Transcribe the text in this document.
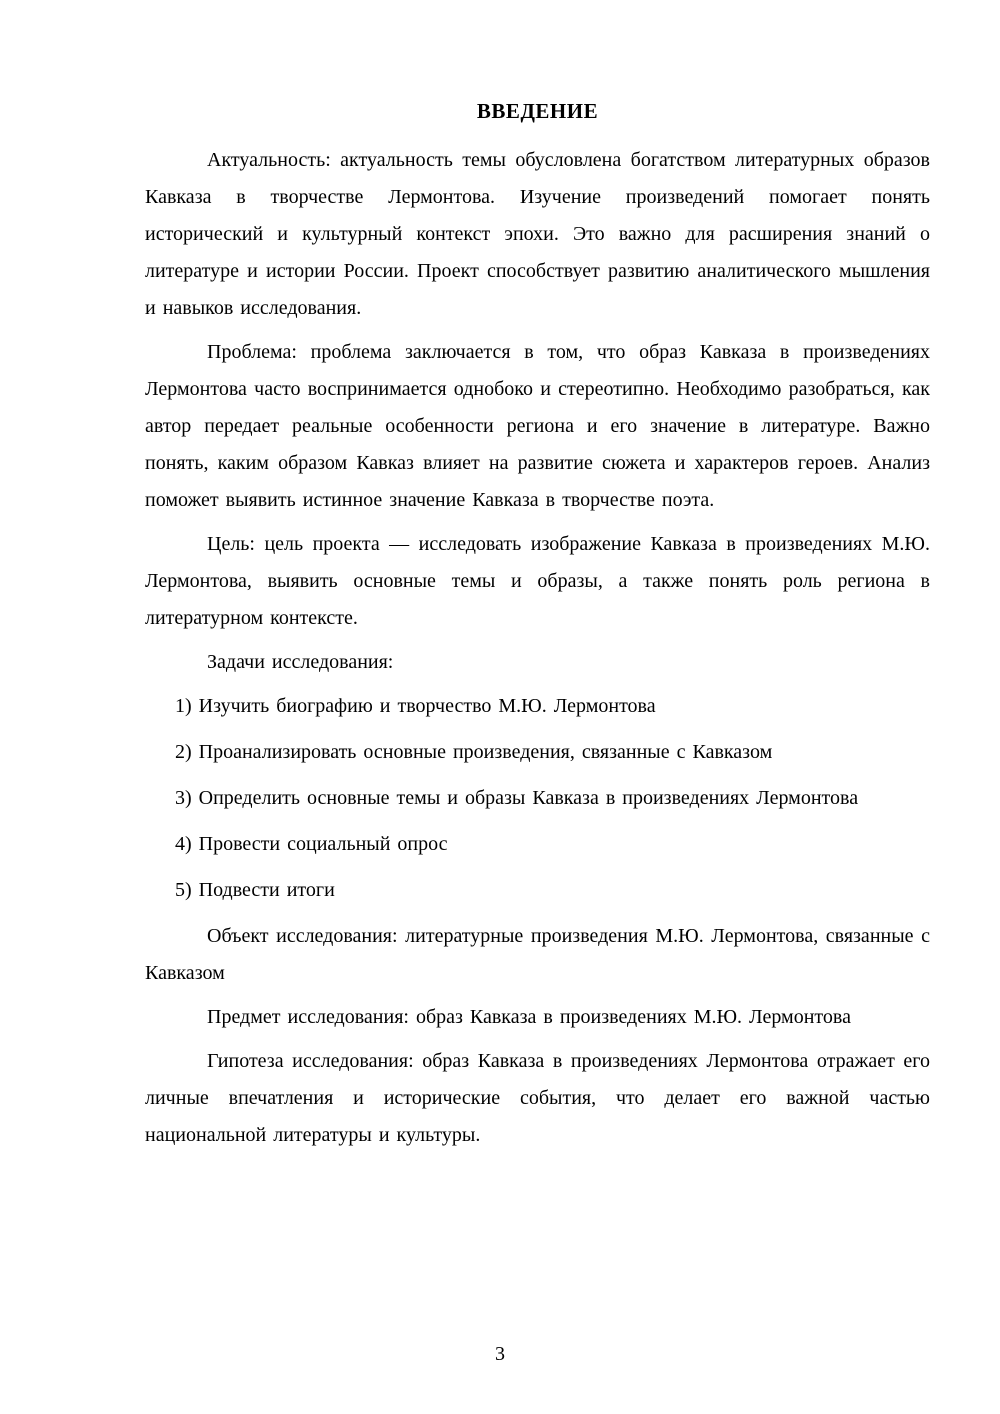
ВВЕДЕНИЕ

Актуальность: актуальность темы обусловлена богатством литературных образов Кавказа в творчестве Лермонтова. Изучение произведений помогает понять исторический и культурный контекст эпохи. Это важно для расширения знаний о литературе и истории России. Проект способствует развитию аналитического мышления и навыков исследования.

Проблема: проблема заключается в том, что образ Кавказа в произведениях Лермонтова часто воспринимается однобоко и стереотипно. Необходимо разобраться, как автор передает реальные особенности региона и его значение в литературе. Важно понять, каким образом Кавказ влияет на развитие сюжета и характеров героев. Анализ поможет выявить истинное значение Кавказа в творчестве поэта.

Цель: цель проекта — исследовать изображение Кавказа в произведениях М.Ю. Лермонтова, выявить основные темы и образы, а также понять роль региона в литературном контексте.

Задачи исследования:

1) Изучить биографию и творчество М.Ю. Лермонтова

2) Проанализировать основные произведения, связанные с Кавказом

3) Определить основные темы и образы Кавказа в произведениях Лермонтова

4) Провести социальный опрос

5) Подвести итоги

Объект исследования: литературные произведения М.Ю. Лермонтова, связанные с Кавказом

Предмет исследования: образ Кавказа в произведениях М.Ю. Лермонтова

Гипотеза исследования: образ Кавказа в произведениях Лермонтова отражает его личные впечатления и исторические события, что делает его важной частью национальной литературы и культуры.

3
